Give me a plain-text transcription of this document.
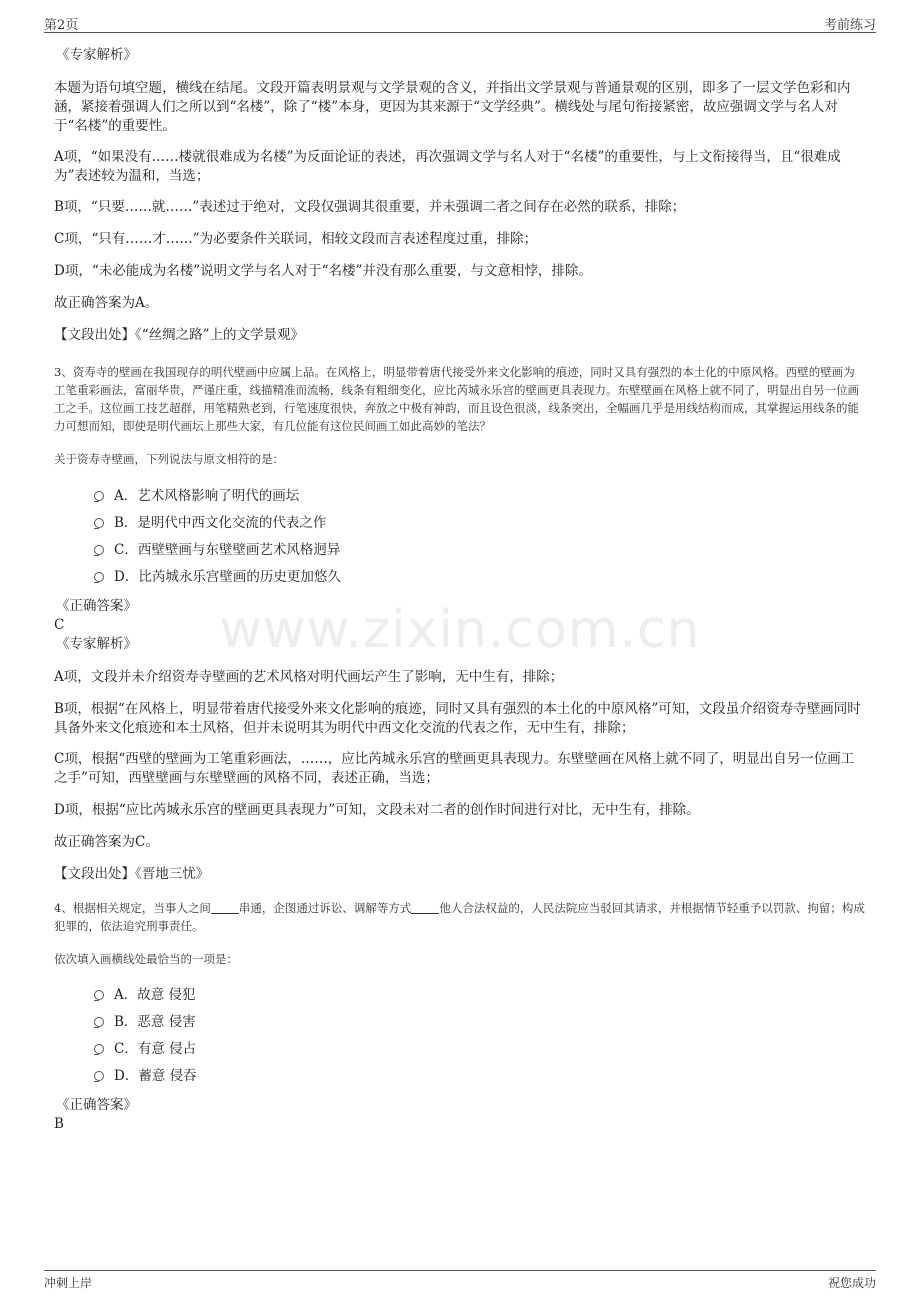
第2页	考前练习
www.zixin.com.cn

《专家解析》

本题为语句填空题，横线在结尾。文段开篇表明景观与文学景观的含义，并指出文学景观与普通景观的区别，即多了一层文学色彩和内涵，紧接着强调人们之所以到“名楼”，除了“楼”本身，更因为其来源于“文学经典”。横线处与尾句衔接紧密，故应强调文学与名人对于“名楼”的重要性。

A项，“如果没有……楼就很难成为名楼”为反面论证的表述，再次强调文学与名人对于“名楼”的重要性，与上文衔接得当，且“很难成为”表述较为温和，当选；

B项，“只要……就……”表述过于绝对，文段仅强调其很重要，并未强调二者之间存在必然的联系，排除；

C项，“只有……才……”为必要条件关联词，相较文段而言表述程度过重，排除；

D项，“未必能成为名楼”说明文学与名人对于“名楼”并没有那么重要，与文意相悖，排除。

故正确答案为A。

【文段出处】《“丝绸之路”上的文学景观》

3、资寿寺的壁画在我国现存的明代壁画中应属上品。在风格上，明显带着唐代接受外来文化影响的痕迹，同时又具有强烈的本土化的中原风格。西壁的壁画为工笔重彩画法，富丽华贵，严谨庄重，线描精准而流畅，线条有粗细变化，应比芮城永乐宫的壁画更具表现力。东壁壁画在风格上就不同了，明显出自另一位画工之手。这位画工技艺超群，用笔精熟老到，行笔速度很快，奔放之中极有神韵，而且设色很淡，线条突出，全幅画几乎是用线结构而成，其掌握运用线条的能力可想而知，即使是明代画坛上那些大家，有几位能有这位民间画工如此高妙的笔法？

关于资寿寺壁画，下列说法与原文相符的是：

A．艺术风格影响了明代的画坛
B．是明代中西文化交流的代表之作
C．西壁壁画与东壁壁画艺术风格迥异
D．比芮城永乐宫壁画的历史更加悠久

《正确答案》

C

《专家解析》

A项，文段并未介绍资寿寺壁画的艺术风格对明代画坛产生了影响，无中生有，排除；

B项，根据“在风格上，明显带着唐代接受外来文化影响的痕迹，同时又具有强烈的本土化的中原风格”可知，文段虽介绍资寿寺壁画同时具备外来文化痕迹和本土风格，但并未说明其为明代中西文化交流的代表之作，无中生有，排除；

C项，根据“西壁的壁画为工笔重彩画法，……，应比芮城永乐宫的壁画更具表现力。东壁壁画在风格上就不同了，明显出自另一位画工之手”可知，西壁壁画与东壁壁画的风格不同，表述正确，当选；

D项，根据“应比芮城永乐宫的壁画更具表现力”可知，文段未对二者的创作时间进行对比，无中生有，排除。

故正确答案为C。

【文段出处】《晋地三忧》

4、根据相关规定，当事人之间 串通，企图通过诉讼、调解等方式 他人合法权益的，人民法院应当驳回其请求，并根据情节轻重予以罚款、拘留；构成犯罪的，依法追究刑事责任。

依次填入画横线处最恰当的一项是：

A．故意 侵犯
B．恶意 侵害
C．有意 侵占
D．蓄意 侵吞

《正确答案》

B

冲刺上岸	祝您成功
